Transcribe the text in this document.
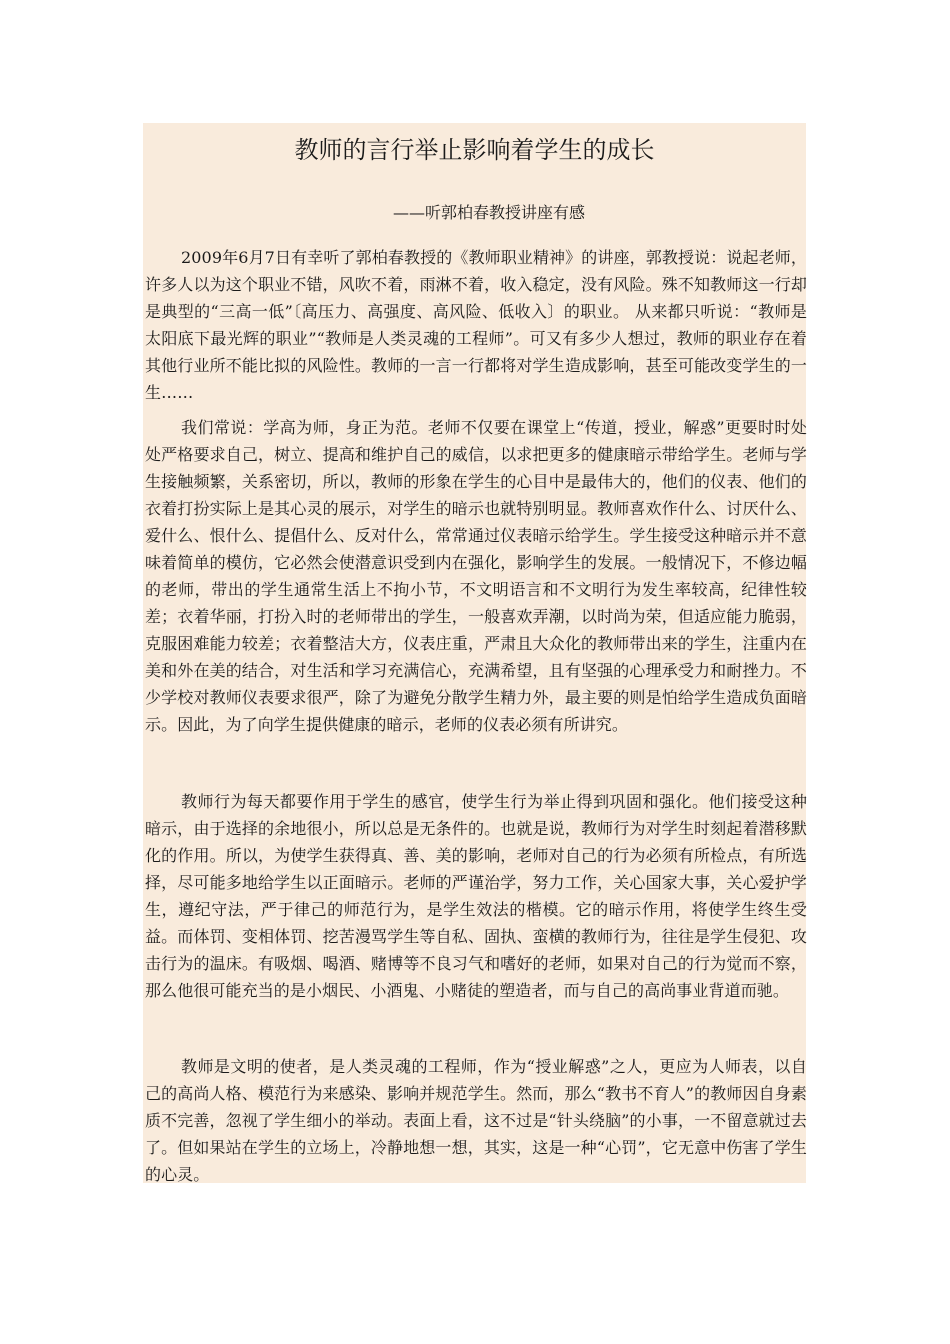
教师的言行举止影响着学生的成长

——听郭柏春教授讲座有感

2009年6月7日有幸听了郭柏春教授的《教师职业精神》的讲座，郭教授说：说起老师，许多人以为这个职业不错，风吹不着，雨淋不着，收入稳定，没有风险。殊不知教师这一行却是典型的“三高一低”〔高压力、高强度、高风险、低收入〕的职业。 从来都只听说：“教师是太阳底下最光辉的职业”“教师是人类灵魂的工程师”。可又有多少人想过，教师的职业存在着其他行业所不能比拟的风险性。教师的一言一行都将对学生造成影响，甚至可能改变学生的一生……

我们常说：学高为师，身正为范。老师不仅要在课堂上“传道，授业，解惑”更要时时处处严格要求自己，树立、提高和维护自己的威信，以求把更多的健康暗示带给学生。老师与学生接触频繁，关系密切，所以，教师的形象在学生的心目中是最伟大的，他们的仪表、他们的衣着打扮实际上是其心灵的展示，对学生的暗示也就特别明显。教师喜欢作什么、讨厌什么、爱什么、恨什么、提倡什么、反对什么，常常通过仪表暗示给学生。学生接受这种暗示并不意味着简单的模仿，它必然会使潜意识受到内在强化，影响学生的发展。一般情况下，不修边幅的老师，带出的学生通常生活上不拘小节，不文明语言和不文明行为发生率较高，纪律性较差；衣着华丽，打扮入时的老师带出的学生，一般喜欢弄潮，以时尚为荣，但适应能力脆弱，克服困难能力较差；衣着整洁大方，仪表庄重，严肃且大众化的教师带出来的学生，注重内在美和外在美的结合，对生活和学习充满信心，充满希望，且有坚强的心理承受力和耐挫力。不少学校对教师仪表要求很严，除了为避免分散学生精力外，最主要的则是怕给学生造成负面暗示。因此，为了向学生提供健康的暗示，老师的仪表必须有所讲究。

教师行为每天都要作用于学生的感官，使学生行为举止得到巩固和强化。他们接受这种暗示，由于选择的余地很小，所以总是无条件的。也就是说，教师行为对学生时刻起着潜移默化的作用。所以，为使学生获得真、善、美的影响，老师对自己的行为必须有所检点，有所选择，尽可能多地给学生以正面暗示。老师的严谨治学，努力工作，关心国家大事，关心爱护学生，遵纪守法，严于律己的师范行为，是学生效法的楷模。它的暗示作用，将使学生终生受益。而体罚、变相体罚、挖苦漫骂学生等自私、固执、蛮横的教师行为，往往是学生侵犯、攻击行为的温床。有吸烟、喝酒、赌博等不良习气和嗜好的老师，如果对自己的行为觉而不察，那么他很可能充当的是小烟民、小酒鬼、小赌徒的塑造者，而与自己的高尚事业背道而驰。

教师是文明的使者，是人类灵魂的工程师，作为“授业解惑”之人，更应为人师表，以自己的高尚人格、模范行为来感染、影响并规范学生。然而，那么“教书不育人”的教师因自身素质不完善，忽视了学生细小的举动。表面上看，这不过是“针头绕脑”的小事，一不留意就过去了。但如果站在学生的立场上，冷静地想一想，其实，这是一种“心罚”，它无意中伤害了学生的心灵。
